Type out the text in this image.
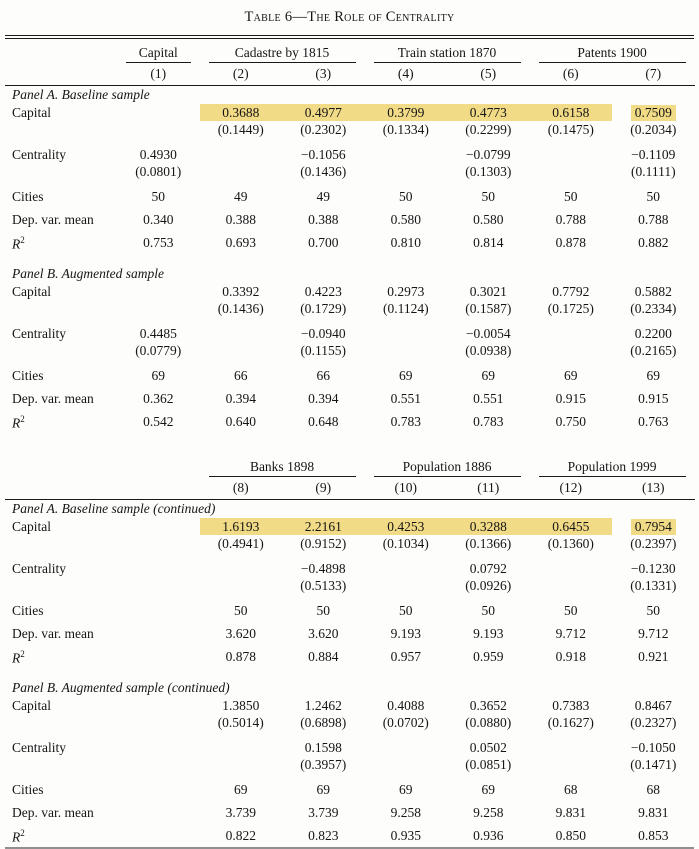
Table 6—The Role of Centrality

	Capital	Cadastre by 1815		Train station 1870		Patents 1900	

	(1)	(2)	(3)	(4)	(5)	(6)	(7)
Panel A. Baseline sample							
Capital		0.3688	0.4977	0.3799	0.4773	0.6158	0.7509
		(0.1449)	(0.2302)	(0.1334)	(0.2299)	(0.1475)	(0.2034)

Centrality	0.4930		−0.1056		−0.0799		−0.1109
	(0.0801)		(0.1436)		(0.1303)		(0.1111)

Cities	50	49	49	50	50	50	50
Dep. var. mean	0.340	0.388	0.388	0.580	0.580	0.788	0.788
$R^2$	0.753	0.693	0.700	0.810	0.814	0.878	0.882

Panel B. Augmented sample							
Capital		0.3392	0.4223	0.2973	0.3021	0.7792	0.5882
		(0.1436)	(0.1729)	(0.1124)	(0.1587)	(0.1725)	(0.2334)

Centrality	0.4485		−0.0940		−0.0054		0.2200
	(0.0779)		(0.1155)		(0.0938)		(0.2165)

Cities	69	66	66	69	69	69	69
Dep. var. mean	0.362	0.394	0.394	0.551	0.551	0.915	0.915
$R^2$	0.542	0.640	0.648	0.783	0.783	0.750	0.763

	Banks 1898		Population 1886		Population 1999	

	(8)	(9)	(10)	(11)	(12)	(13)
Panel A. Baseline sample (continued)						
Capital	1.6193	2.2161	0.4253	0.3288	0.6455	0.7954
	(0.4941)	(0.9152)	(0.1034)	(0.1366)	(0.1360)	(0.2397)

Centrality		−0.4898		0.0792		−0.1230
		(0.5133)		(0.0926)		(0.1331)

Cities	50	50	50	50	50	50
Dep. var. mean	3.620	3.620	9.193	9.193	9.712	9.712
$R^2$	0.878	0.884	0.957	0.959	0.918	0.921

Panel B. Augmented sample (continued)						
Capital	1.3850	1.2462	0.4088	0.3652	0.7383	0.8467
	(0.5014)	(0.6898)	(0.0702)	(0.0880)	(0.1627)	(0.2327)

Centrality		0.1598		0.0502		−0.1050
		(0.3957)		(0.0851)		(0.1471)

Cities	69	69	69	69	68	68
Dep. var. mean	3.739	3.739	9.258	9.258	9.831	9.831
$R^2$	0.822	0.823	0.935	0.936	0.850	0.853
